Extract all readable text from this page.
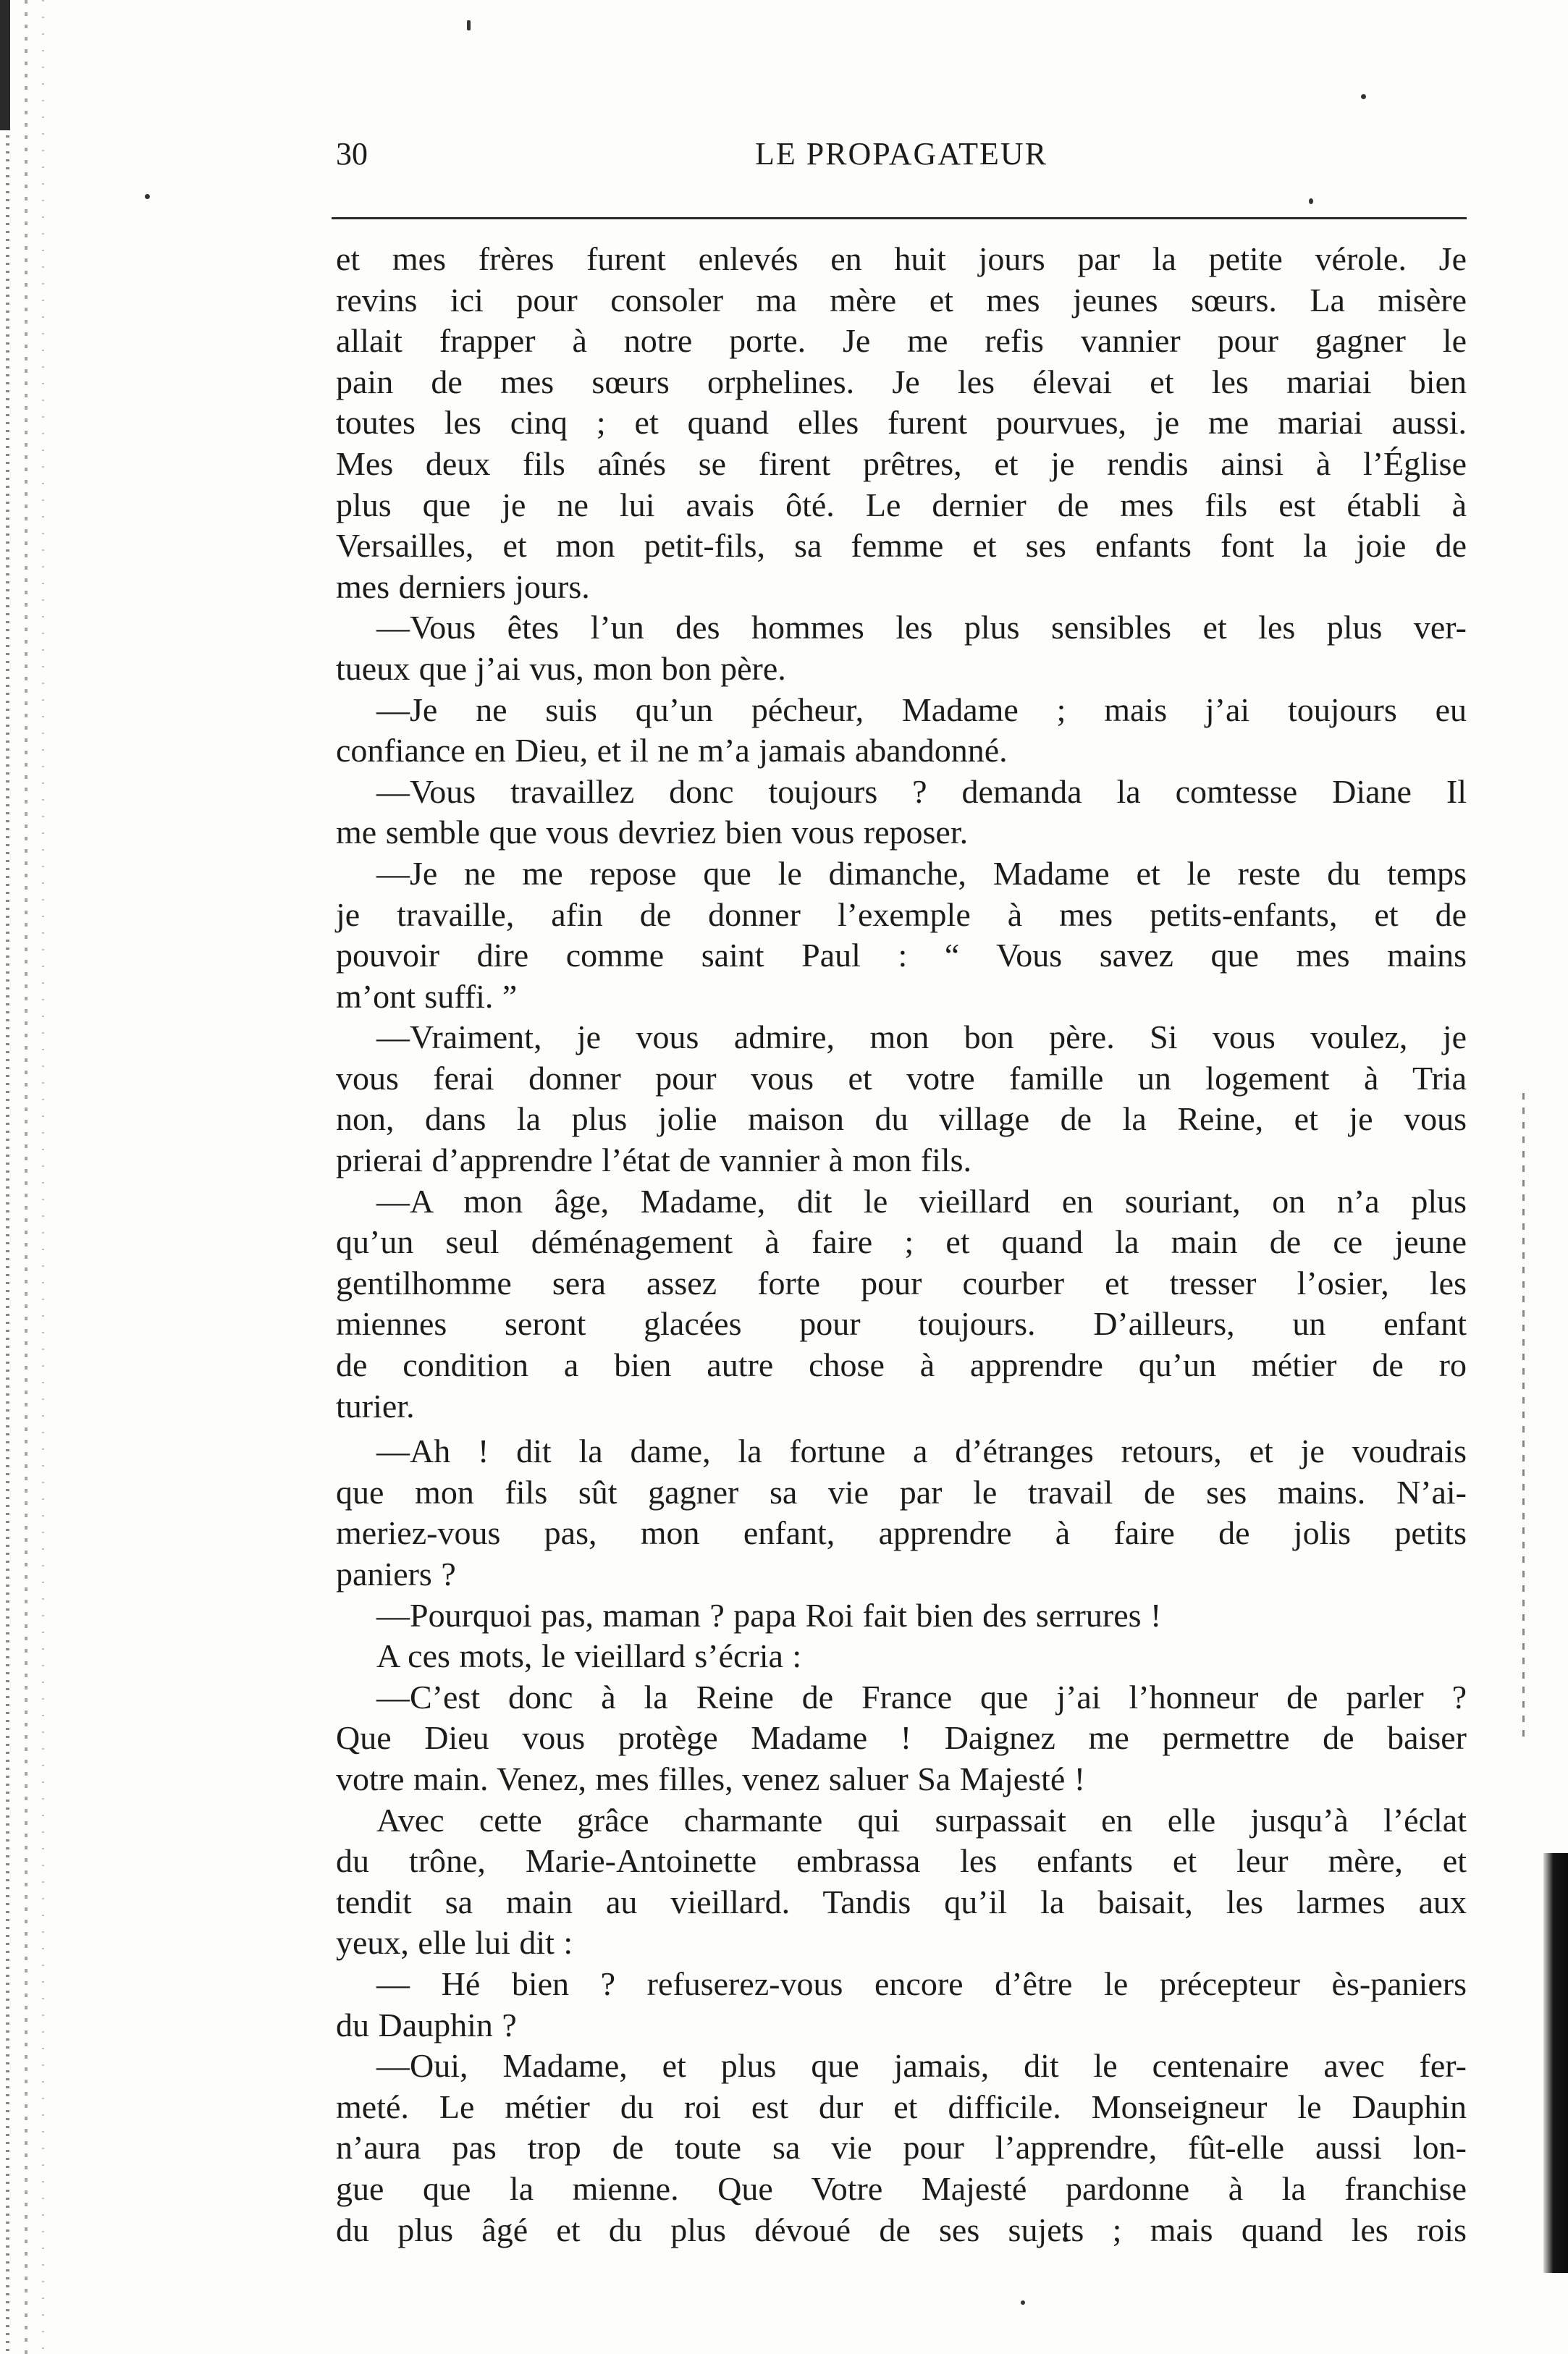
30	LE PROPAGATEUR
et mes frères furent enlevés en huit jours par la petite vérole. Je
revins ici pour consoler ma mère et mes jeunes sœurs. La misère
allait frapper à notre porte. Je me refis vannier pour gagner le
pain de mes sœurs orphelines. Je les élevai et les mariai bien
toutes les cinq ; et quand elles furent pourvues, je me mariai aussi.
Mes deux fils aînés se firent prêtres, et je rendis ainsi à l’Église
plus que je ne lui avais ôté. Le dernier de mes fils est établi à
Versailles, et mon petit-fils, sa femme et ses enfants font la joie de
mes derniers jours.
—Vous êtes l’un des hommes les plus sensibles et les plus ver-
tueux que j’ai vus, mon bon père.
—Je ne suis qu’un pécheur, Madame ; mais j’ai toujours eu
confiance en Dieu, et il ne m’a jamais abandonné.
—Vous travaillez donc toujours ? demanda la comtesse Diane Il
me semble que vous devriez bien vous reposer.
—Je ne me repose que le dimanche, Madame et le reste du temps
je travaille, afin de donner l’exemple à mes petits-enfants, et de
pouvoir dire comme saint Paul : “ Vous savez que mes mains
m’ont suffi. ”
—Vraiment, je vous admire, mon bon père. Si vous voulez, je
vous ferai donner pour vous et votre famille un logement à Tria
non, dans la plus jolie maison du village de la Reine, et je vous
prierai d’apprendre l’état de vannier à mon fils.
—A mon âge, Madame, dit le vieillard en souriant, on n’a plus
qu’un seul déménagement à faire ; et quand la main de ce jeune
gentilhomme sera assez forte pour courber et tresser l’osier, les
miennes seront glacées pour toujours. D’ailleurs, un enfant
de condition a bien autre chose à apprendre qu’un métier de ro
turier.
—Ah ! dit la dame, la fortune a d’étranges retours, et je voudrais
que mon fils sût gagner sa vie par le travail de ses mains. N’ai-
meriez-vous pas, mon enfant, apprendre à faire de jolis petits
paniers ?
—Pourquoi pas, maman ? papa Roi fait bien des serrures !
A ces mots, le vieillard s’écria :
—C’est donc à la Reine de France que j’ai l’honneur de parler ?
Que Dieu vous protège Madame ! Daignez me permettre de baiser
votre main. Venez, mes filles, venez saluer Sa Majesté !
Avec cette grâce charmante qui surpassait en elle jusqu’à l’éclat
du trône, Marie-Antoinette embrassa les enfants et leur mère, et
tendit sa main au vieillard. Tandis qu’il la baisait, les larmes aux
yeux, elle lui dit :
— Hé bien ? refuserez-vous encore d’être le précepteur ès-paniers
du Dauphin ?
—Oui, Madame, et plus que jamais, dit le centenaire avec fer-
meté. Le métier du roi est dur et difficile. Monseigneur le Dauphin
n’aura pas trop de toute sa vie pour l’apprendre, fût-elle aussi lon-
gue que la mienne. Que Votre Majesté pardonne à la franchise
du plus âgé et du plus dévoué de ses sujets ; mais quand les rois
